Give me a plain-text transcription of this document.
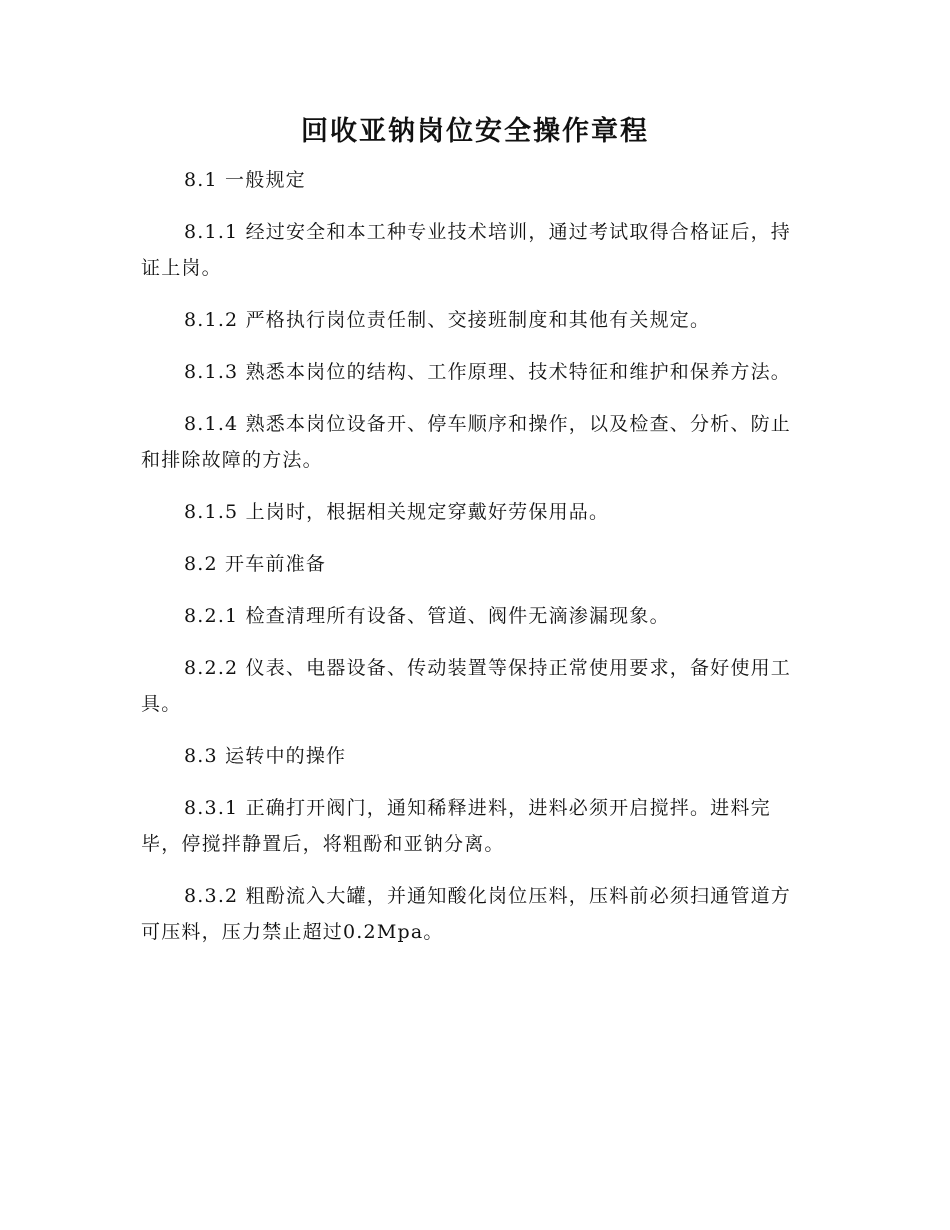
回收亚钠岗位安全操作章程

8.1 一般规定

8.1.1 经过安全和本工种专业技术培训，通过考试取得合格证后，持证上岗。

8.1.2 严格执行岗位责任制、交接班制度和其他有关规定。

8.1.3 熟悉本岗位的结构、工作原理、技术特征和维护和保养方法。

8.1.4 熟悉本岗位设备开、停车顺序和操作，以及检查、分析、防止和排除故障的方法。

8.1.5 上岗时，根据相关规定穿戴好劳保用品。

8.2 开车前准备

8.2.1 检查清理所有设备、管道、阀件无滴渗漏现象。

8.2.2 仪表、电器设备、传动装置等保持正常使用要求，备好使用工具。

8.3 运转中的操作

8.3.1 正确打开阀门，通知稀释进料，进料必须开启搅拌。进料完毕，停搅拌静置后，将粗酚和亚钠分离。

8.3.2 粗酚流入大罐，并通知酸化岗位压料，压料前必须扫通管道方可压料，压力禁止超过0.2Mpa。
